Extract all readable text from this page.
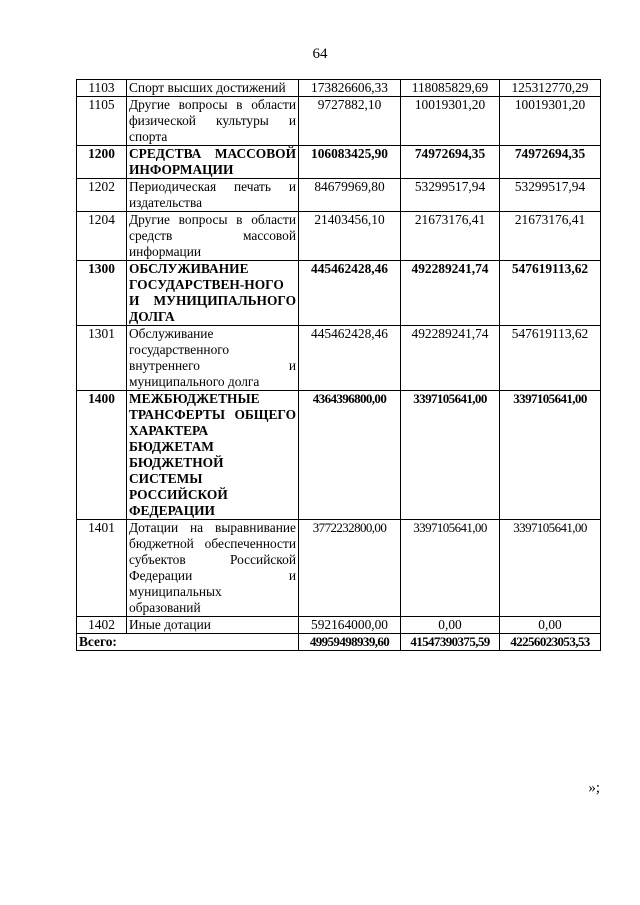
64
1103	Спорт высших достижений	173826606,33	118085829,69	125312770,29
1105	Другие вопросы в области физической культуры и спорта	9727882,10	10019301,20	10019301,20
1200	СРЕДСТВА МАССОВОЙ ИНФОРМАЦИИ	106083425,90	74972694,35	74972694,35
1202	Периодическая печать и издательства	84679969,80	53299517,94	53299517,94
1204	Другие вопросы в области средств массовой информации	21403456,10	21673176,41	21673176,41
1300	ОБСЛУЖИВАНИЕ ГОСУДАРСТВЕН-НОГО И МУНИЦИПАЛЬНОГО ДОЛГА	445462428,46	492289241,74	547619113,62
1301	Обслуживание государственного внутреннего и муниципального долга	445462428,46	492289241,74	547619113,62
1400	МЕЖБЮДЖЕТНЫЕ ТРАНСФЕРТЫ ОБЩЕГО ХАРАКТЕРА БЮДЖЕТАМ БЮДЖЕТНОЙ СИСТЕМЫ РОССИЙСКОЙ ФЕДЕРАЦИИ	4364396800,00	3397105641,00	3397105641,00
1401	Дотации на выравнивание бюджетной обеспеченности субъектов Российской Федерации и муниципальных образований	3772232800,00	3397105641,00	3397105641,00
1402	Иные дотации	592164000,00	0,00	0,00
Всего:		49959498939,60	41547390375,59	42256023053,53
»;
